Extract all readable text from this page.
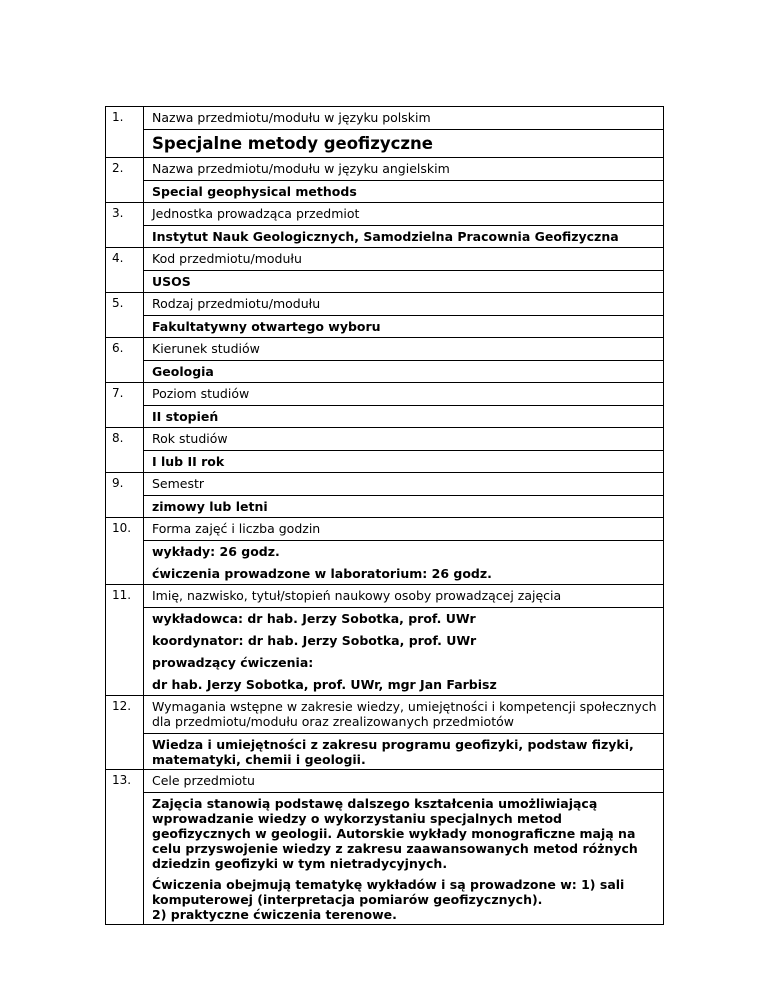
1.	Nazwa przedmiotu/modułu w języku polskim
Specjalne metody geofizyczne

2.	Nazwa przedmiotu/modułu w języku angielskim
Special geophysical methods

3.	Jednostka prowadząca przedmiot
Instytut Nauk Geologicznych, Samodzielna Pracownia Geofizyczna

4.	Kod przedmiotu/modułu
USOS

5.	Rodzaj przedmiotu/modułu
Fakultatywny otwartego wyboru

6.	Kierunek studiów
Geologia

7.	Poziom studiów
II stopień

8.	Rok studiów
I lub II rok

9.	Semestr
zimowy lub letni

10.	Forma zajęć i liczba godzin
wykłady: 26 godz.
ćwiczenia prowadzone w laboratorium: 26 godz.

11.	Imię, nazwisko, tytuł/stopień naukowy osoby prowadzącej zajęcia
wykładowca: dr hab. Jerzy Sobotka, prof. UWr
koordynator: dr hab. Jerzy Sobotka, prof. UWr
prowadzący ćwiczenia:
dr hab. Jerzy Sobotka, prof. UWr, mgr Jan Farbisz

12.	Wymagania wstępne w zakresie wiedzy, umiejętności i kompetencji społecznych dla przedmiotu/modułu oraz zrealizowanych przedmiotów
Wiedza i umiejętności z zakresu programu geofizyki, podstaw fizyki, matematyki, chemii i geologii.

13.	Cele przedmiotu
Zajęcia stanowią podstawę dalszego kształcenia umożliwiającą wprowadzanie wiedzy o wykorzystaniu specjalnych metod geofizycznych w geologii. Autorskie wykłady monograficzne mają na celu przyswojenie wiedzy z zakresu zaawansowanych metod różnych dziedzin geofizyki w tym nietradycyjnych.
Ćwiczenia obejmują tematykę wykładów i są prowadzone w: 1) sali komputerowej (interpretacja pomiarów geofizycznych).
2) praktyczne ćwiczenia terenowe.
